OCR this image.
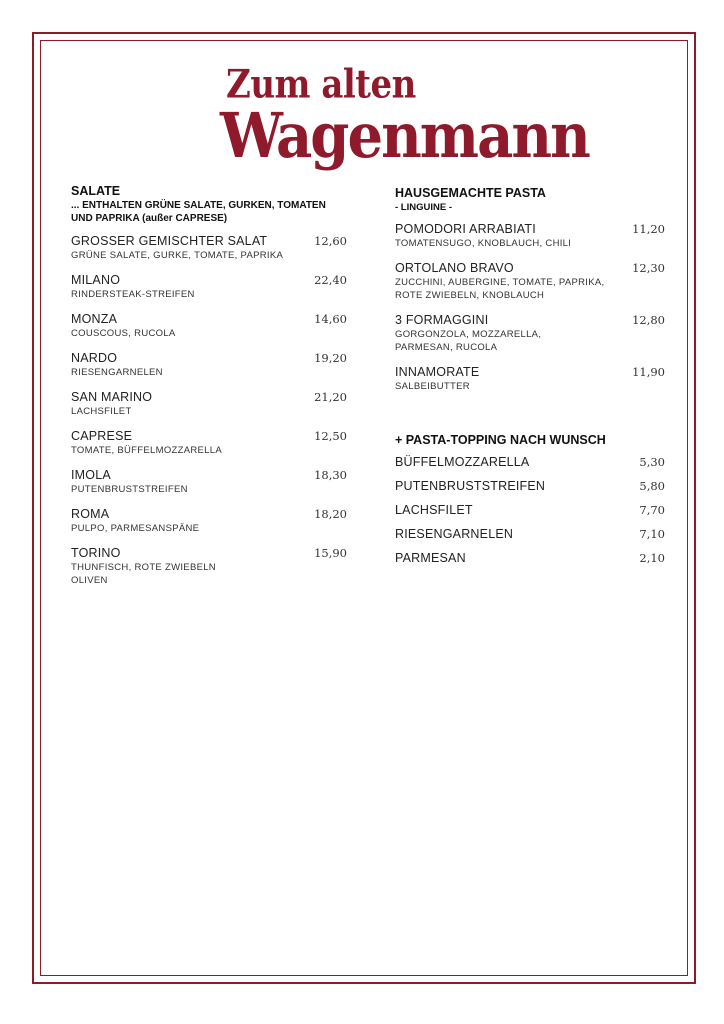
Zum alten
Wagenmann
SALATE
... ENTHALTEN GRÜNE SALATE, GURKEN, TOMATEN UND PAPRIKA (außer CAPRESE)
GROSSER GEMISCHTER SALAT
GRÜNE SALATE, GURKE, TOMATE, PAPRIKA
12,60
MILANO
RINDERSTEAK-STREIFEN
22,40
MONZA
COUSCOUS, RUCOLA
14,60
NARDO
RIESENGARNELEN
19,20
SAN MARINO
LACHSFILET
21,20
CAPRESE
TOMATE, BÜFFELMOZZARELLA
12,50
IMOLA
PUTENBRUSTSTREIFEN
18,30
ROMA
PULPO, PARMESANSPÄNE
18,20
TORINO
THUNFISCH, ROTE ZWIEBELN OLIVEN
15,90
HAUSGEMACHTE PASTA
- LINGUINE -
POMODORI ARRABIATI
TOMATENSUGO, KNOBLAUCH, CHILI
11,20
ORTOLANO BRAVO
ZUCCHINI, AUBERGINE, TOMATE, PAPRIKA, ROTE ZWIEBELN, KNOBLAUCH
12,30
3 FORMAGGINI
GORGONZOLA, MOZZARELLA, PARMESAN, RUCOLA
12,80
INNAMORATE
SALBEIBUTTER
11,90
+ PASTA-TOPPING NACH WUNSCH
BÜFFELMOZZARELLA	5,30
PUTENBRUSTSTREIFEN	5,80
LACHSFILET	7,70
RIESENGARNELEN	7,10
PARMESAN	2,10
